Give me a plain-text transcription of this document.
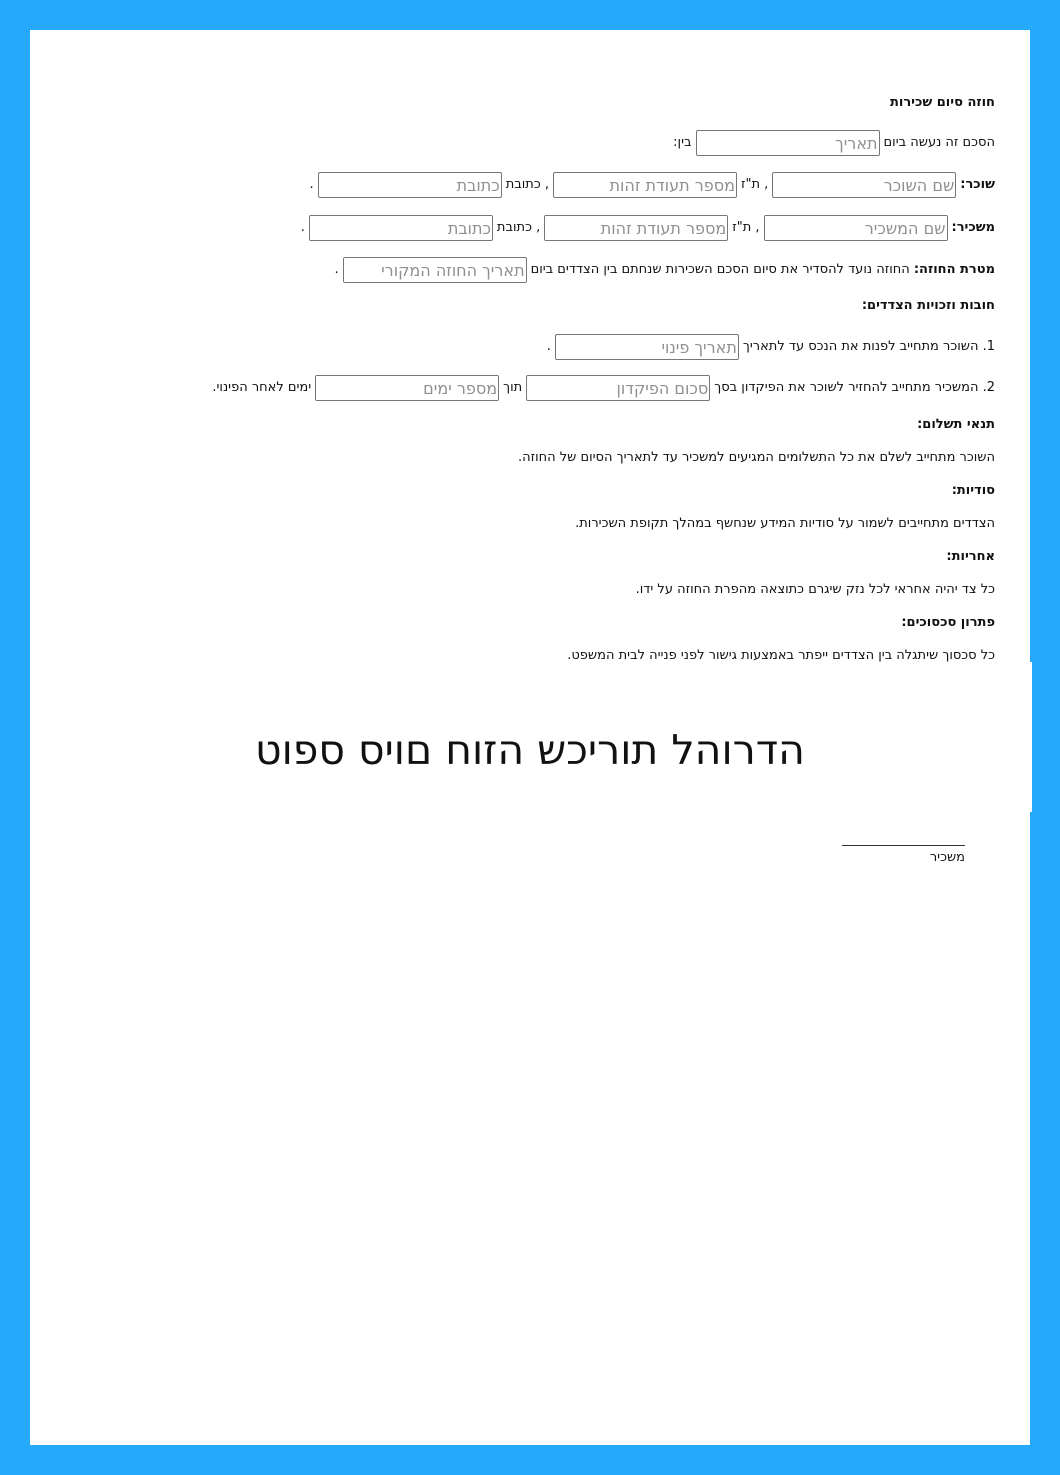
חוזה סיום שכירות
הסכם זה נעשה ביום
תאריך
בין:
שוכר:
שם השוכר
, ת"ז
מספר תעודת זהות
, כתובת
כתובת
.
משכיר:
שם המשכיר
, ת"ז
מספר תעודת זהות
, כתובת
כתובת
.
מטרת החוזה:

החוזה נועד להסדיר את סיום הסכם השכירות שנחתם בין הצדדים ביום
תאריך החוזה המקורי
.
חובות וזכויות הצדדים:
1. השוכר מתחייב לפנות את הנכס עד לתאריך
תאריך פינוי
.
2. המשכיר מתחייב להחזיר לשוכר את הפיקדון בסך
סכום הפיקדון
תוך
מספר ימים
ימים לאחר הפינוי.
תנאי תשלום:
השוכר מתחייב לשלם את כל התשלומים המגיעים למשכיר עד לתאריך הסיום של החוזה.
סודיות:
הצדדים מתחייבים לשמור על סודיות המידע שנחשף במהלך תקופת השכירות.
אחריות:
כל צד יהיה אחראי לכל נזק שיגרם כתוצאה מהפרת החוזה על ידו.
פתרון סכסוכים:
כל סכסוך שיתגלה בין הצדדים ייפתר באמצעות גישור לפני פנייה לבית המשפט.
הדרוהל תוריכש הזוח םויס ספוט
משכיר
